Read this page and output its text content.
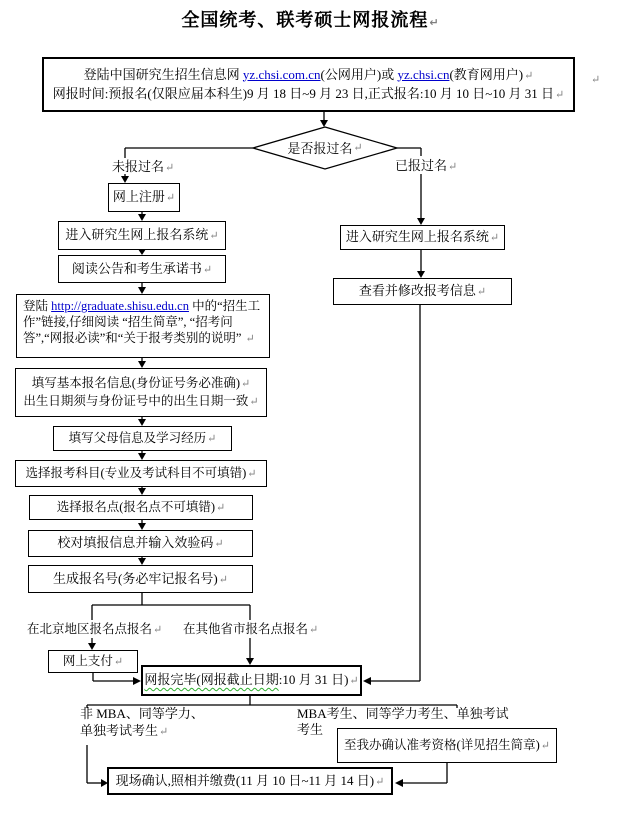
全国统考、联考硕士网报流程↵
登陆中国研究生招生信息网 yz.chsi.com.cn(公网用户)或 yz.chsi.cn(教育网用户)↵
网报时间:预报名(仅限应届本科生)9 月 18 日~9 月 23 日,正式报名:10 月 10 日~10 月 31 日↵
↵
是否报过名 ↵
未报过名↵	已报过名↵
网上注册↵
进入研究生网上报名系统↵
阅读公告和考生承诺书↵
登陆 http://graduate.shisu.edu.cn 中的“招生工作”链接,仔细阅读 “招生简章”, “招考问答”,“网报必读”和“关于报考类别的说明” ↵
填写基本报名信息(身份证号务必准确)↵
出生日期须与身份证号中的出生日期一致↵
填写父母信息及学习经历↵
选择报考科目(专业及考试科目不可填错)↵
选择报名点(报名点不可填错)↵
校对填报信息并输入效验码↵
生成报名号(务必牢记报名号)↵
在北京地区报名点报名↵ 在其他省市报名点报名↵
网上支付↵
网报完毕(网报截止日期:10 月 31 日)↵
进入研究生网上报名系统↵
查看并修改报考信息↵
非 MBA、同等学力、
单独考试考生↵
MBA考生、同等学力考生、单独考试
考生
至我办确认准考资格(详见招生简章)↵
现场确认,照相并缴费(11 月 10 日~11 月 14 日)↵
